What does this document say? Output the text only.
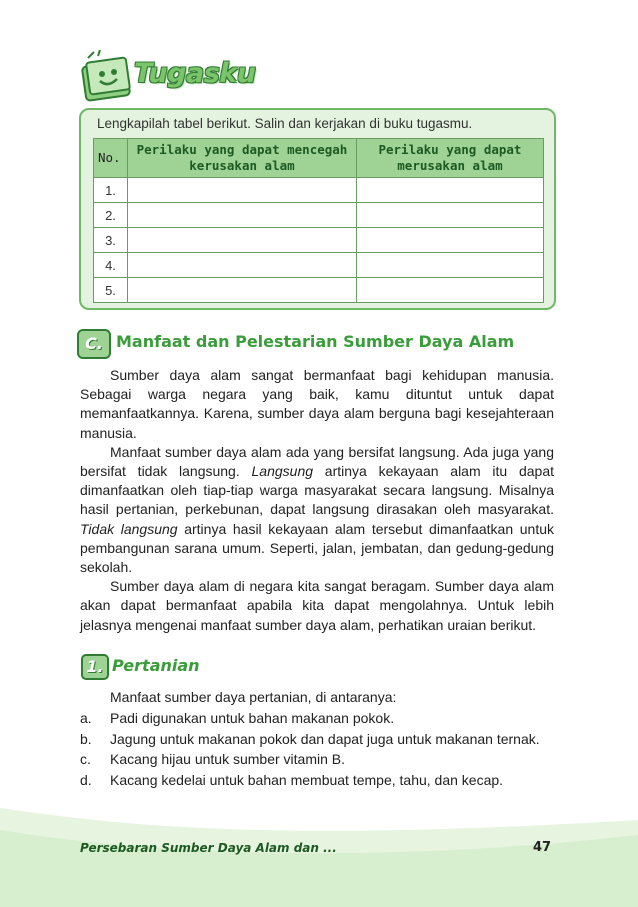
Tugasku
Lengkapilah tabel berikut. Salin dan kerjakan di buku tugasmu.
No.	Perilaku yang dapat mencegah kerusakan alam	Perilaku yang dapat merusakan alam
1.		
2.		
3.		
4.		
5.		
C. Manfaat dan Pelestarian Sumber Daya Alam

Sumber daya alam sangat bermanfaat bagi kehidupan manusia. Sebagai warga negara yang baik, kamu dituntut untuk dapat memanfaatkannya. Karena, sumber daya alam berguna bagi kesejahteraan manusia.

Manfaat sumber daya alam ada yang bersifat langsung. Ada juga yang bersifat tidak langsung. Langsung artinya kekayaan alam itu dapat dimanfaatkan oleh tiap-tiap warga masyarakat secara langsung. Misalnya hasil pertanian, perkebunan, dapat langsung dirasakan oleh masyarakat. Tidak langsung artinya hasil kekayaan alam tersebut dimanfaatkan untuk pembangunan sarana umum. Seperti, jalan, jembatan, dan gedung-gedung sekolah.

Sumber daya alam di negara kita sangat beragam. Sumber daya alam akan dapat bermanfaat apabila kita dapat mengolahnya. Untuk lebih jelasnya mengenai manfaat sumber daya alam, perhatikan uraian berikut.

1. Pertanian
Manfaat sumber daya pertanian, di antaranya:
a. Padi digunakan untuk bahan makanan pokok.
b. Jagung untuk makanan pokok dan dapat juga untuk makanan ternak.
c. Kacang hijau untuk sumber vitamin B.
d. Kacang kedelai untuk bahan membuat tempe, tahu, dan kecap.
Persebaran Sumber Daya Alam dan ...	47
